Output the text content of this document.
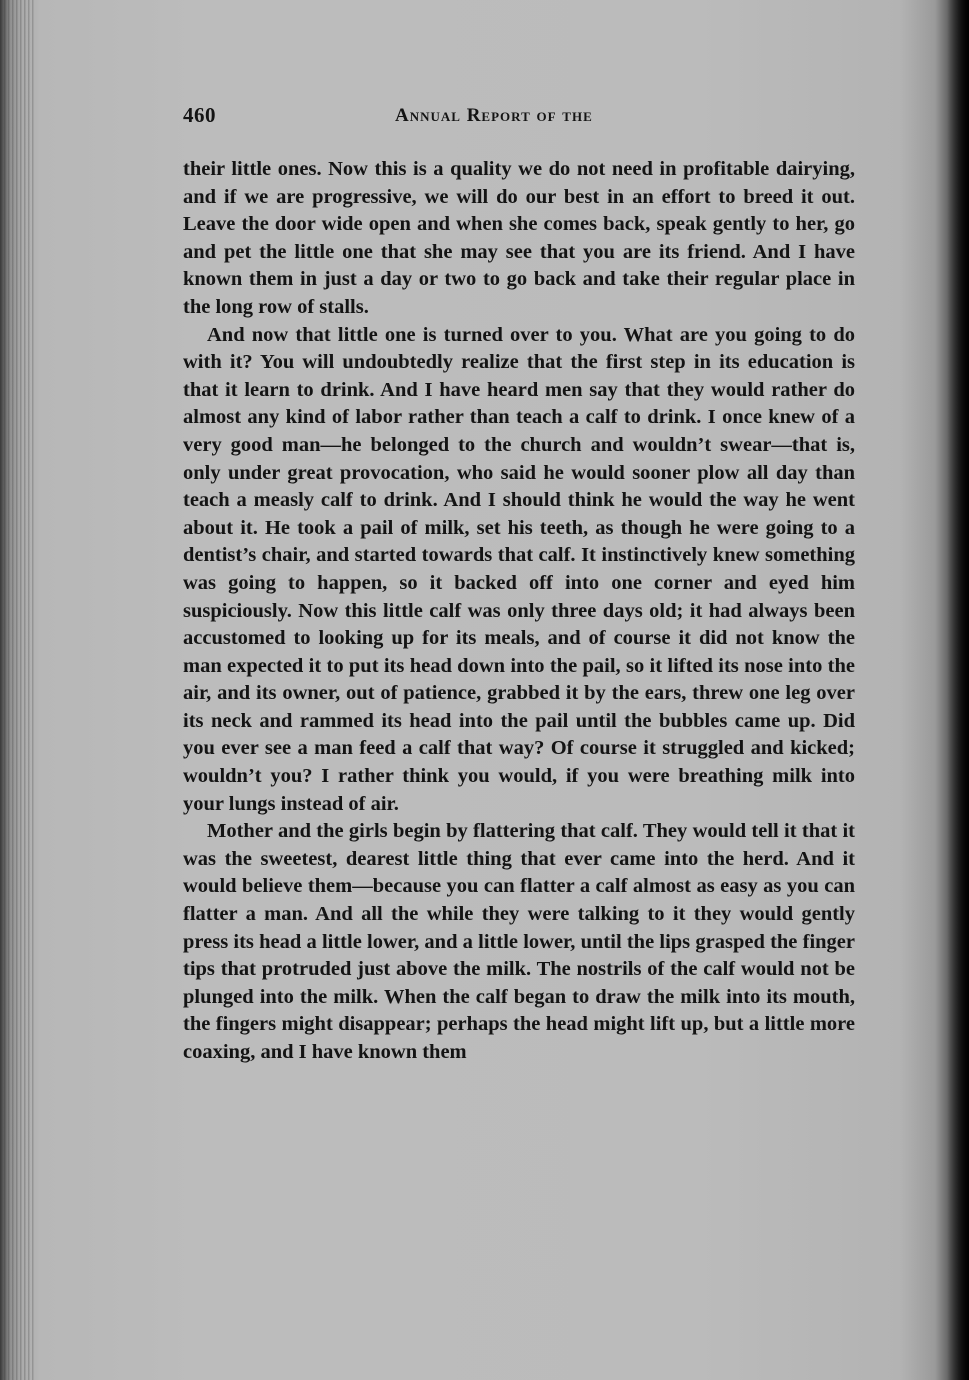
460	Annual Report of the

their little ones. Now this is a quality we do not need in profitable dairying, and if we are progressive, we will do our best in an effort to breed it out. Leave the door wide open and when she comes back, speak gently to her, go and pet the little one that she may see that you are its friend. And I have known them in just a day or two to go back and take their regular place in the long row of stalls.

And now that little one is turned over to you. What are you going to do with it? You will undoubtedly realize that the first step in its education is that it learn to drink. And I have heard men say that they would rather do almost any kind of labor rather than teach a calf to drink. I once knew of a very good man—he belonged to the church and wouldn’t swear—that is, only under great provocation, who said he would sooner plow all day than teach a measly calf to drink. And I should think he would the way he went about it. He took a pail of milk, set his teeth, as though he were going to a dentist’s chair, and started towards that calf. It instinctively knew something was going to happen, so it backed off into one corner and eyed him suspiciously. Now this little calf was only three days old; it had always been accustomed to looking up for its meals, and of course it did not know the man expected it to put its head down into the pail, so it lifted its nose into the air, and its owner, out of patience, grabbed it by the ears, threw one leg over its neck and rammed its head into the pail until the bubbles came up. Did you ever see a man feed a calf that way? Of course it struggled and kicked; wouldn’t you? I rather think you would, if you were breathing milk into your lungs instead of air.

Mother and the girls begin by flattering that calf. They would tell it that it was the sweetest, dearest little thing that ever came into the herd. And it would believe them—because you can flatter a calf almost as easy as you can flatter a man. And all the while they were talking to it they would gently press its head a little lower, and a little lower, until the lips grasped the finger tips that protruded just above the milk. The nostrils of the calf would not be plunged into the milk. When the calf began to draw the milk into its mouth, the fingers might disappear; perhaps the head might lift up, but a little more coaxing, and I have known them
